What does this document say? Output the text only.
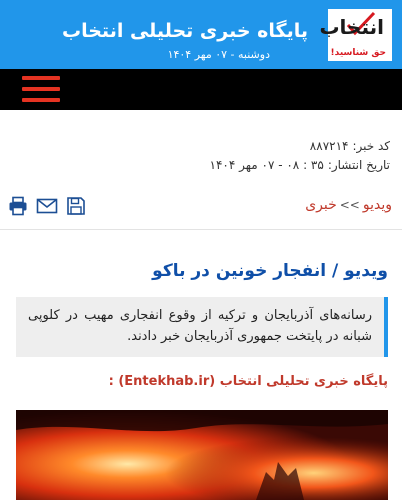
انتخاب
حق شناسید!
پایگاه خبری تحلیلی انتخاب
دوشنبه - ۰۷ مهر ۱۴۰۴
کد خبر:۸۸۷۲۱۴
تاریخ انتشار:۳۵ : ۰۸ - ۰۷ مهر ۱۴۰۴
ویدیو>>خبری
ویدیو / انفجار خونین در باکو
رسانه‌های آذربایجان و ترکیه از وقوع انفجاری مهیب در کلوپی شبانه در پایتخت جمهوری آذربایجان خبر دادند.
پایگاه خبری تحلیلی انتخاب (Entekhab.ir) :
